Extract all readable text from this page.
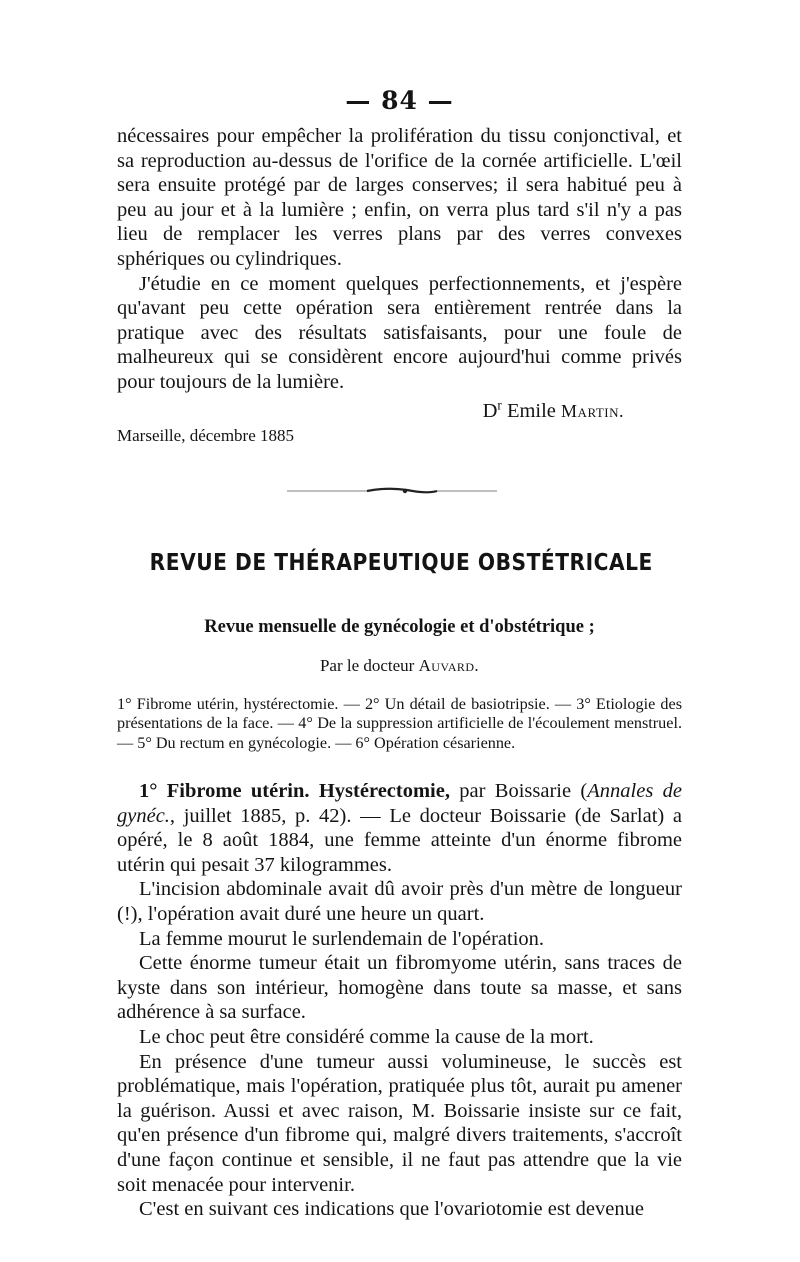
— 84 —

nécessaires pour empêcher la prolifération du tissu conjonctival, et sa reproduction au-dessus de l'orifice de la cornée artificielle. L'œil sera ensuite protégé par de larges conserves; il sera habitué peu à peu au jour et à la lumière ; enfin, on verra plus tard s'il n'y a pas lieu de remplacer les verres plans par des verres convexes sphériques ou cylindriques.

J'étudie en ce moment quelques perfectionnements, et j'espère qu'avant peu cette opération sera entièrement rentrée dans la pratique avec des résultats satisfaisants, pour une foule de malheureux qui se considèrent encore aujourd'hui comme privés pour toujours de la lumière.

$D^r$ Emile Martin.
Marseille, décembre 1885
REVUE DE THÉRAPEUTIQUE OBSTÉTRICALE
Revue mensuelle de gynécologie et d'obstétrique ;
Par le docteur Auvard.

1° Fibrome utérin, hystérectomie. — 2° Un détail de basiotripsie. — 3° Etiologie des présentations de la face. — 4° De la suppression artificielle de l'écoulement menstruel. — 5° Du rectum en gynécologie. — 6° Opération césarienne.

1° Fibrome utérin. Hystérectomie, par Boissarie (Annales de gynéc., juillet 1885, p. 42). — Le docteur Boissarie (de Sarlat) a opéré, le 8 août 1884, une femme atteinte d'un énorme fibrome utérin qui pesait 37 kilogrammes.

L'incision abdominale avait dû avoir près d'un mètre de longueur (!), l'opération avait duré une heure un quart.

La femme mourut le surlendemain de l'opération.

Cette énorme tumeur était un fibromyome utérin, sans traces de kyste dans son intérieur, homogène dans toute sa masse, et sans adhérence à sa surface.

Le choc peut être considéré comme la cause de la mort.

En présence d'une tumeur aussi volumineuse, le succès est problématique, mais l'opération, pratiquée plus tôt, aurait pu amener la guérison. Aussi et avec raison, M. Boissarie insiste sur ce fait, qu'en présence d'un fibrome qui, malgré divers traitements, s'accroît d'une façon continue et sensible, il ne faut pas attendre que la vie soit menacée pour intervenir.

C'est en suivant ces indications que l'ovariotomie est devenue
